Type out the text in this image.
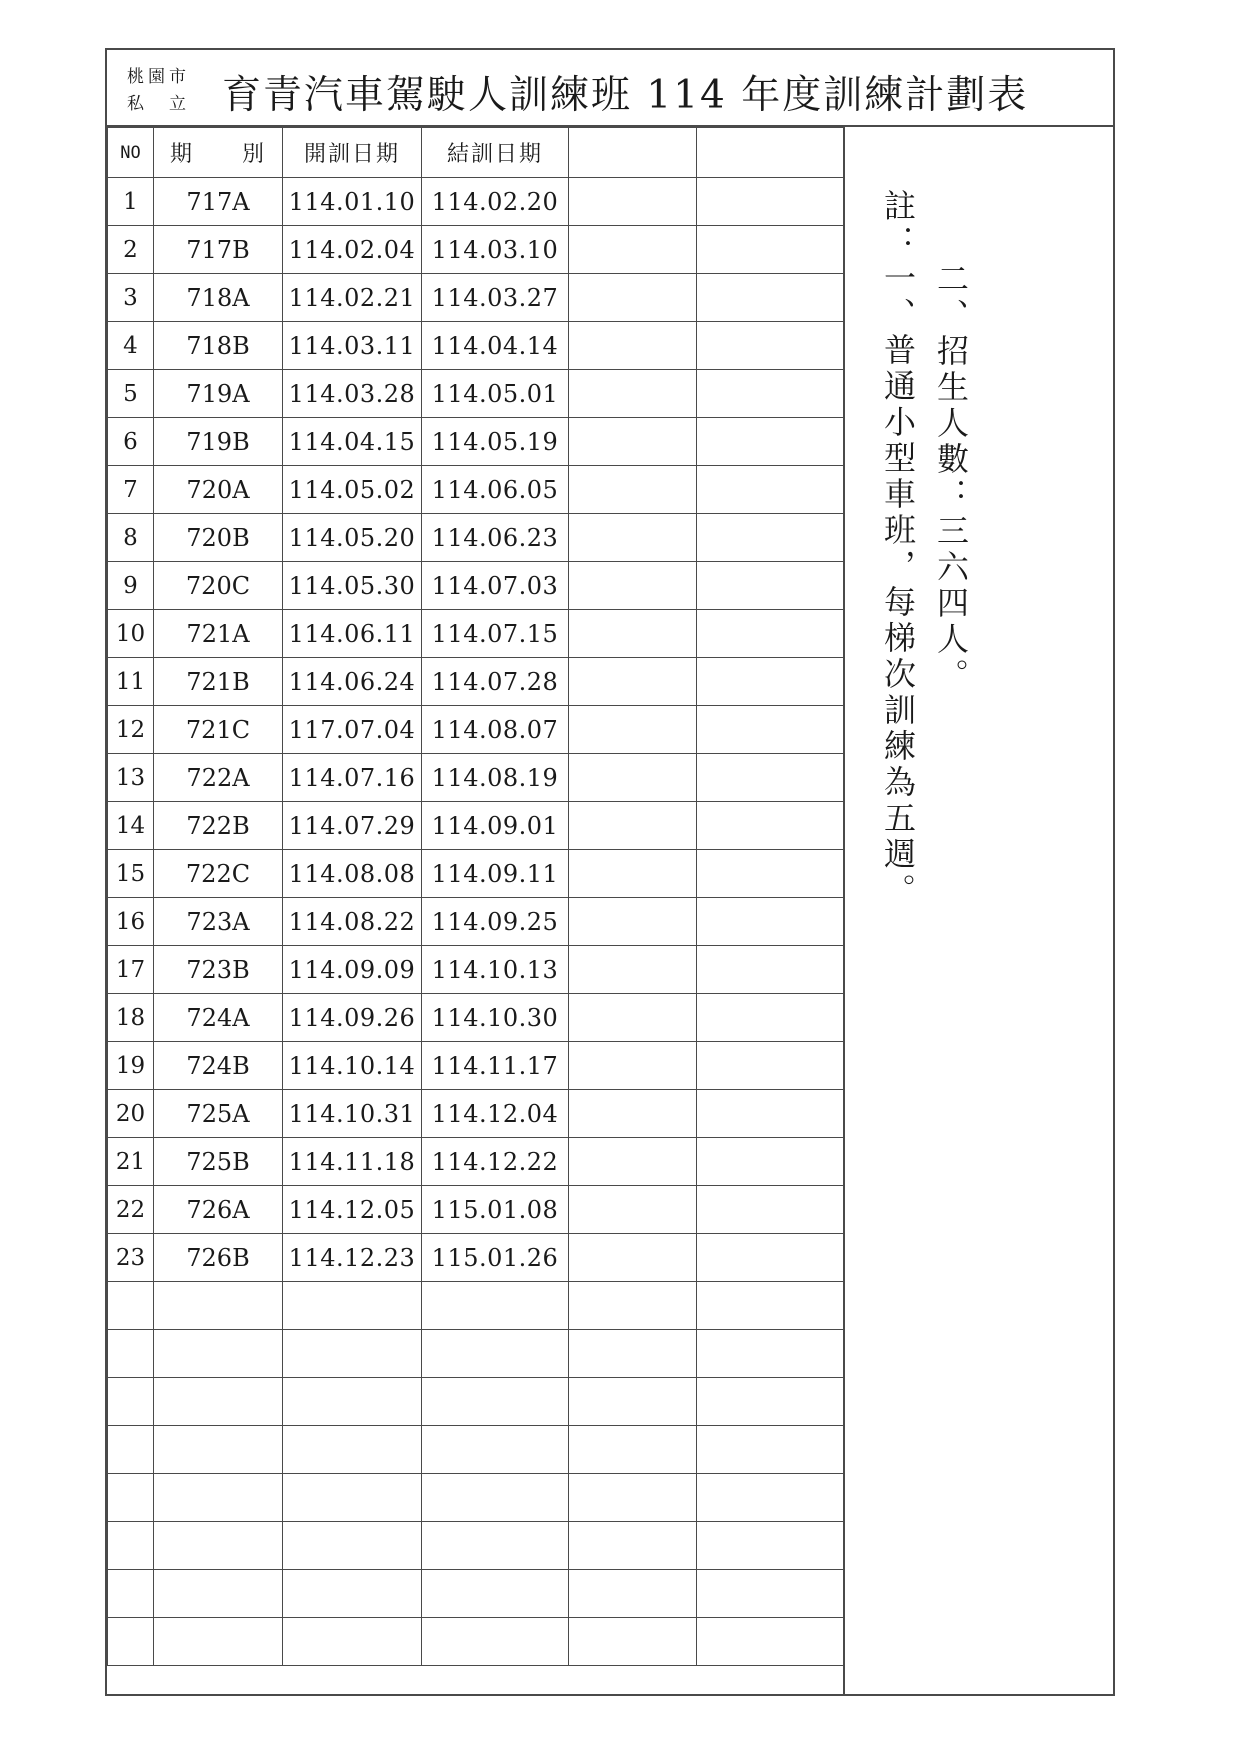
桃園市
私　立 育青汽車駕駛人訓練班 114 年度訓練計劃表
NO	期　　別	開訓日期	結訓日期		
1	717A	114.01.10	114.02.20		
2	717B	114.02.04	114.03.10		
3	718A	114.02.21	114.03.27		
4	718B	114.03.11	114.04.14		
5	719A	114.03.28	114.05.01		
6	719B	114.04.15	114.05.19		
7	720A	114.05.02	114.06.05		
8	720B	114.05.20	114.06.23		
9	720C	114.05.30	114.07.03		
10	721A	114.06.11	114.07.15		
11	721B	114.06.24	114.07.28		
12	721C	117.07.04	114.08.07		
13	722A	114.07.16	114.08.19		
14	722B	114.07.29	114.09.01		
15	722C	114.08.08	114.09.11		
16	723A	114.08.22	114.09.25		
17	723B	114.09.09	114.10.13		
18	724A	114.09.26	114.10.30		
19	724B	114.10.14	114.11.17		
20	725A	114.10.31	114.12.04		
21	725B	114.11.18	114.12.22		
22	726A	114.12.05	115.01.08		
23	726B	114.12.23	115.01.26		

註：一、普通小型車班，每梯次訓練為五週。 二、招生人數：三六四人。
